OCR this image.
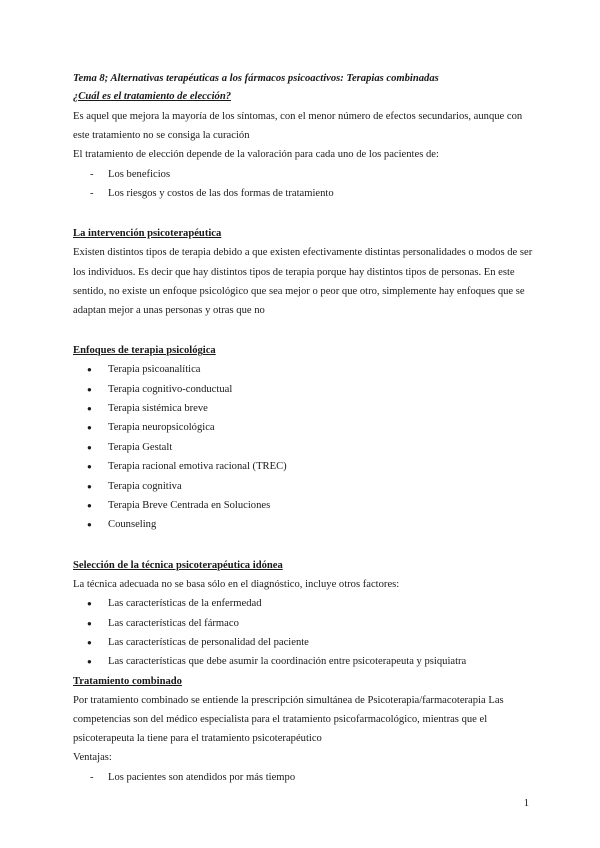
Tema 8; Alternativas terapéuticas a los fármacos psicoactivos: Terapias combinadas
¿Cuál es el tratamiento de elección?

Es aquel que mejora la mayoría de los síntomas, con el menor número de efectos secundarios, aunque con este tratamiento no se consiga la curación

El tratamiento de elección depende de la valoración para cada uno de los pacientes de:

- Los beneficios
- Los riesgos y costos de las dos formas de tratamiento
La intervención psicoterapéutica

Existen distintos tipos de terapia debido a que existen efectivamente distintas personalidades o modos de ser los individuos. Es decir que hay distintos tipos de terapia porque hay distintos tipos de personas. En este sentido, no existe un enfoque psicológico que sea mejor o peor que otro, simplemente hay enfoques que se adaptan mejor a unas personas y otras que no

Enfoques de terapia psicológica
● Terapia psicoanalítica
● Terapia cognitivo-conductual
● Terapia sistémica breve
● Terapia neuropsicológica
● Terapia Gestalt
● Terapia racional emotiva racional (TREC)
● Terapia cognitiva
● Terapia Breve Centrada en Soluciones
● Counseling
Selección de la técnica psicoterapéutica idónea

La técnica adecuada no se basa sólo en el diagnóstico, incluye otros factores:

● Las características de la enfermedad
● Las características del fármaco
● Las características de personalidad del paciente
● Las características que debe asumir la coordinación entre psicoterapeuta y psiquiatra
Tratamiento combinado

Por tratamiento combinado se entiende la prescripción simultánea de Psicoterapia/farmacoterapia Las competencias son del médico especialista para el tratamiento psicofarmacológico, mientras que el psicoterapeuta la tiene para el tratamiento psicoterapéutico

Ventajas:

- Los pacientes son atendidos por más tiempo
1
